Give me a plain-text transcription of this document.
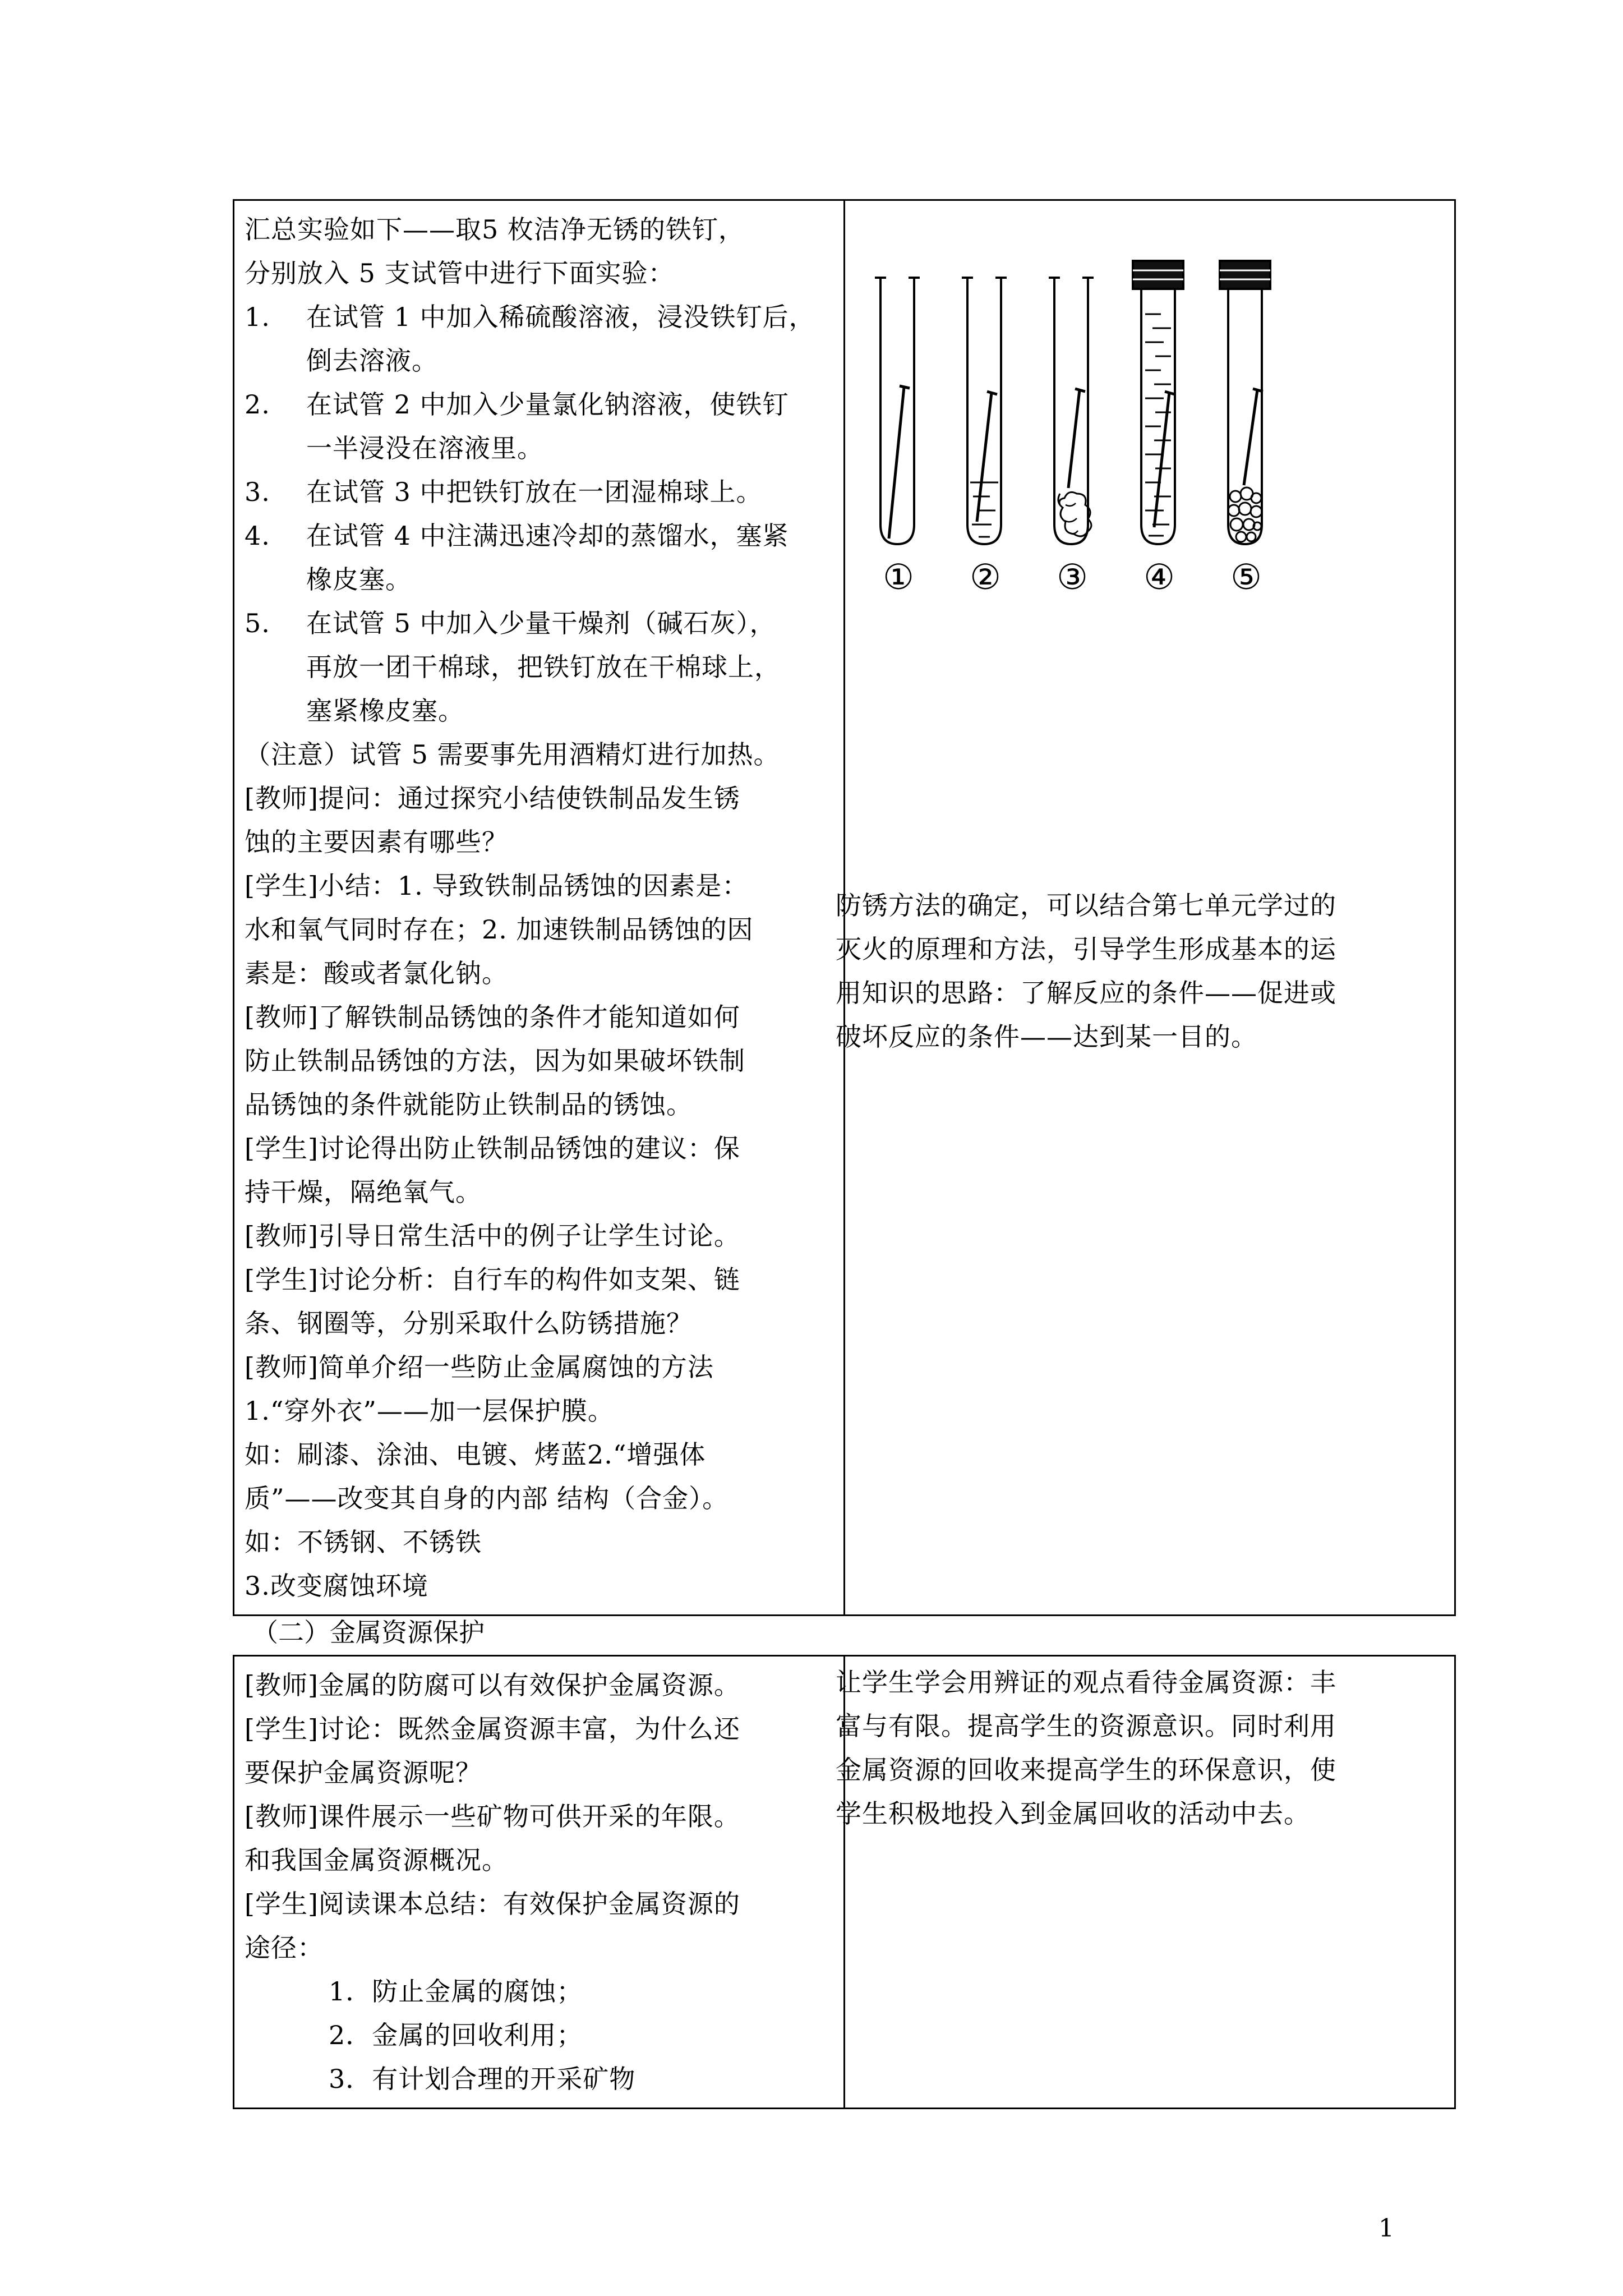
汇总实验如下——取5 枚洁净无锈的铁钉，
分别放入 5 支试管中进行下面实验：
1. 在试管 1 中加入稀硫酸溶液，浸没铁钉后，
倒去溶液。
2. 在试管 2 中加入少量氯化钠溶液，使铁钉
一半浸没在溶液里。
3. 在试管 3 中把铁钉放在一团湿棉球上。
4. 在试管 4 中注满迅速冷却的蒸馏水，塞紧
橡皮塞。
5. 在试管 5 中加入少量干燥剂（碱石灰），
再放一团干棉球，把铁钉放在干棉球上，
塞紧橡皮塞。
（注意）试管 5 需要事先用酒精灯进行加热。
[教师]提问：通过探究小结使铁制品发生锈
蚀的主要因素有哪些？
[学生]小结：1. 导致铁制品锈蚀的因素是：
水和氧气同时存在；2. 加速铁制品锈蚀的因
素是：酸或者氯化钠。
[教师]了解铁制品锈蚀的条件才能知道如何
防止铁制品锈蚀的方法，因为如果破坏铁制
品锈蚀的条件就能防止铁制品的锈蚀。
[学生]讨论得出防止铁制品锈蚀的建议：保
持干燥，隔绝氧气。
[教师]引导日常生活中的例子让学生讨论。
[学生]讨论分析：自行车的构件如支架、链
条、钢圈等，分别采取什么防锈措施？
[教师]简单介绍一些防止金属腐蚀的方法
1.“穿外衣”——加一层保护膜。
如：刷漆、涂油、电镀、烤蓝2.“增强体
质”——改变其自身的内部 结构（合金）。
如：不锈钢、不锈铁
3.改变腐蚀环境

① ② ③ ④ ⑤
防锈方法的确定，可以结合第七单元学过的
灭火的原理和方法，引导学生形成基本的运
用知识的思路：了解反应的条件——促进或
破坏反应的条件——达到某一目的。
（二）金属资源保护
[教师]金属的防腐可以有效保护金属资源。
[学生]讨论：既然金属资源丰富，为什么还
要保护金属资源呢？
[教师]课件展示一些矿物可供开采的年限。
和我国金属资源概况。
[学生]阅读课本总结：有效保护金属资源的
途径：
1．防止金属的腐蚀；
2．金属的回收利用；
3．有计划合理的开采矿物

让学生学会用辨证的观点看待金属资源：丰
富与有限。提高学生的资源意识。同时利用
金属资源的回收来提高学生的环保意识，使
学生积极地投入到金属回收的活动中去。
1
